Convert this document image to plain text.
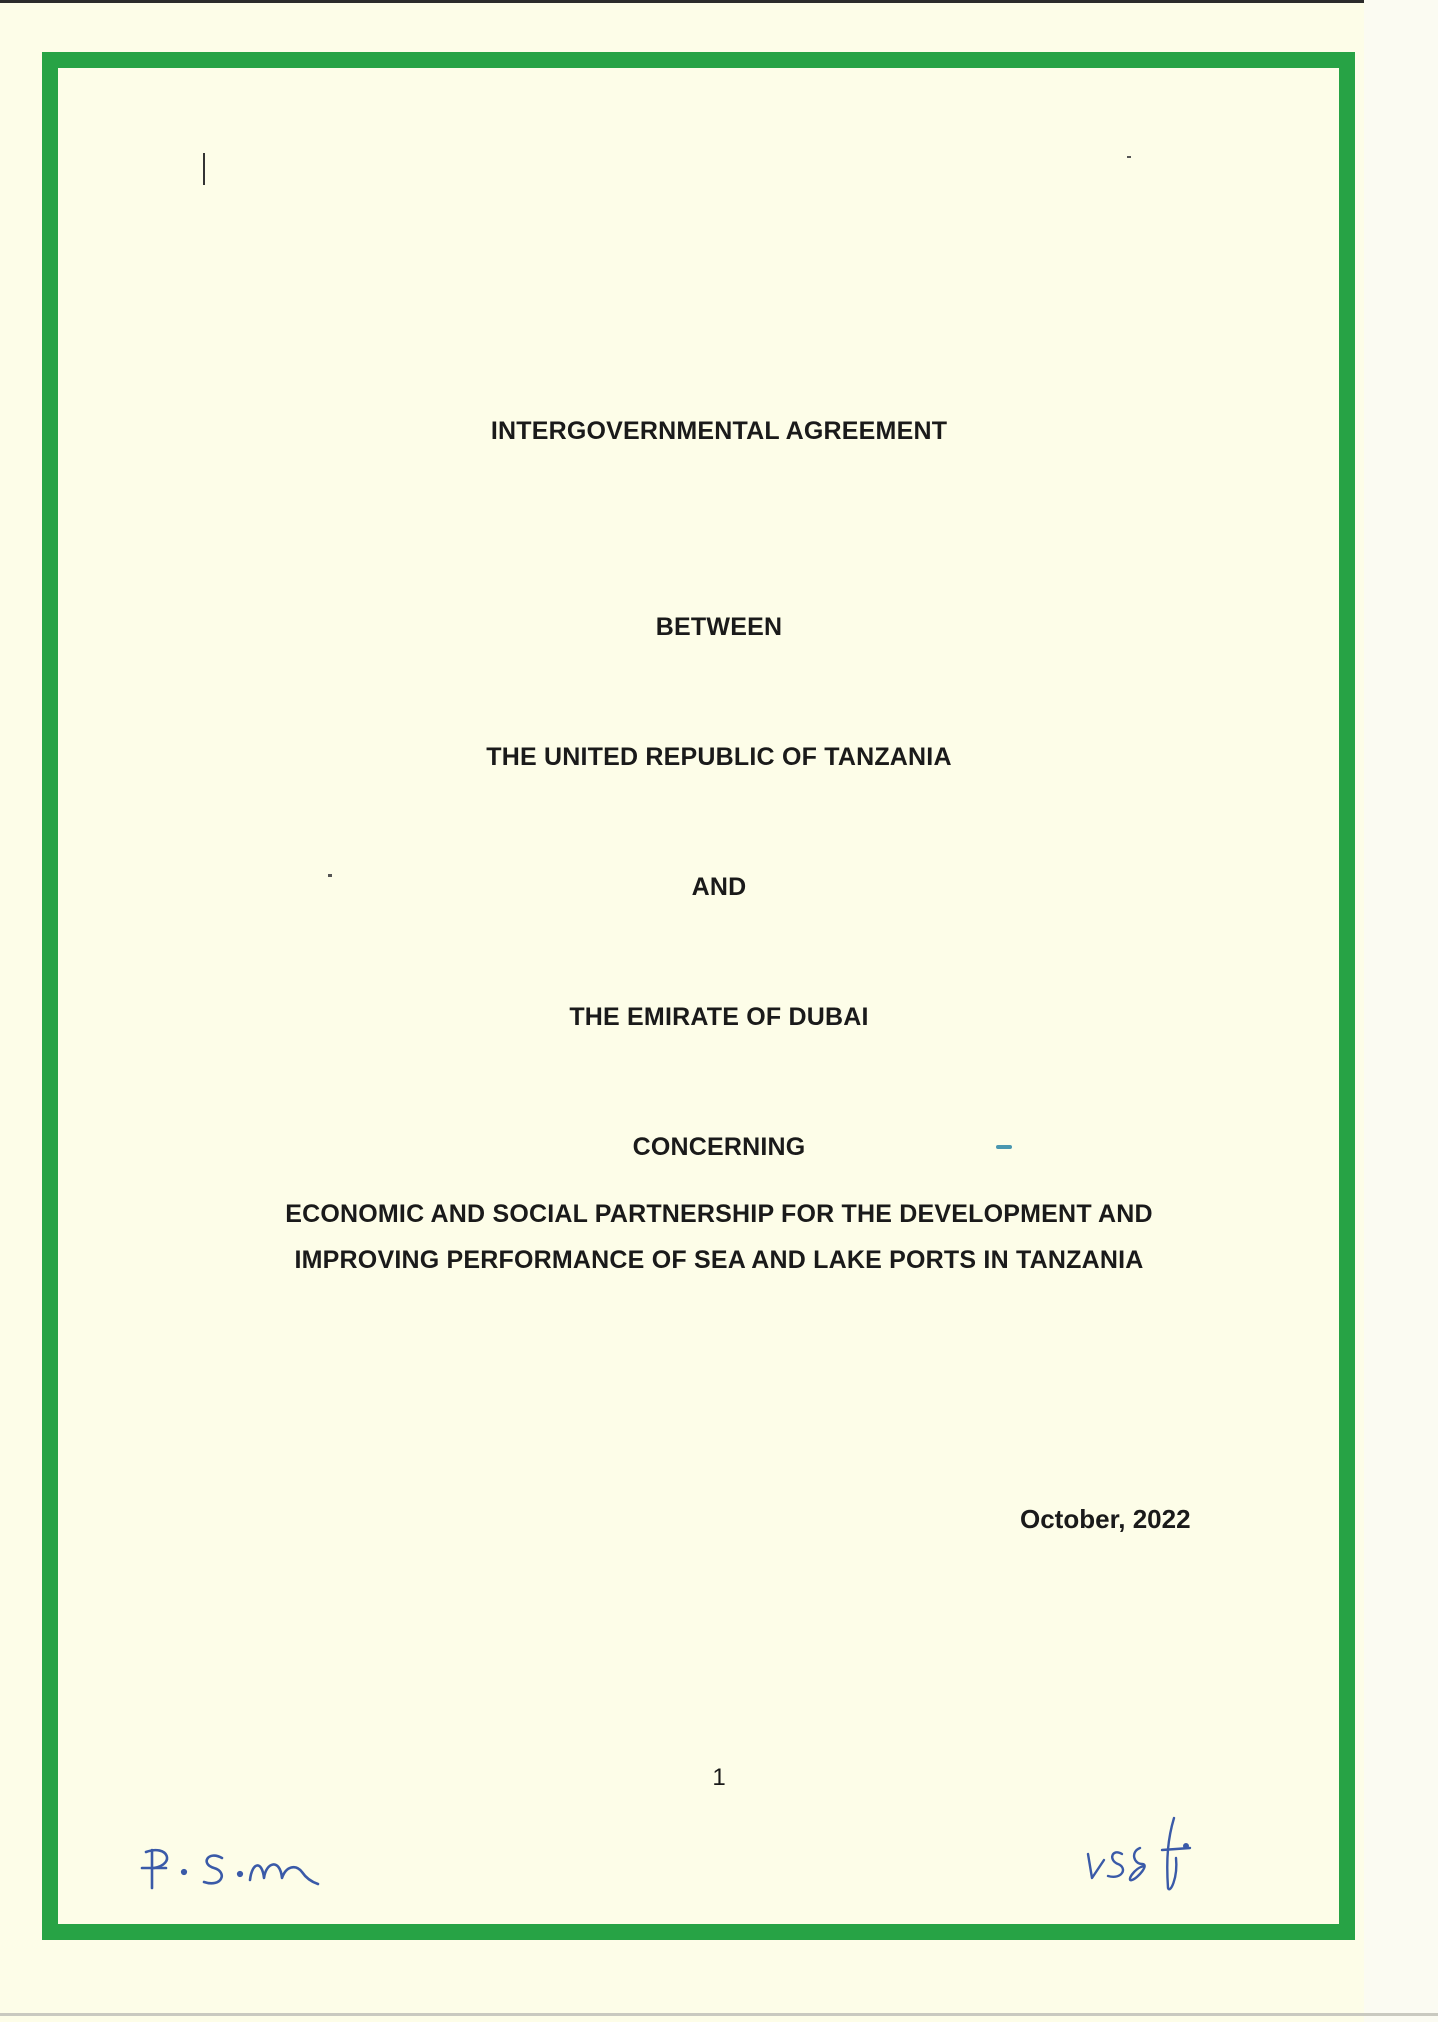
INTERGOVERNMENTAL AGREEMENT
BETWEEN
THE UNITED REPUBLIC OF TANZANIA
AND
THE EMIRATE OF DUBAI
CONCERNING
ECONOMIC AND SOCIAL PARTNERSHIP FOR THE DEVELOPMENT AND
IMPROVING PERFORMANCE OF SEA AND LAKE PORTS IN TANZANIA
October, 2022
1
